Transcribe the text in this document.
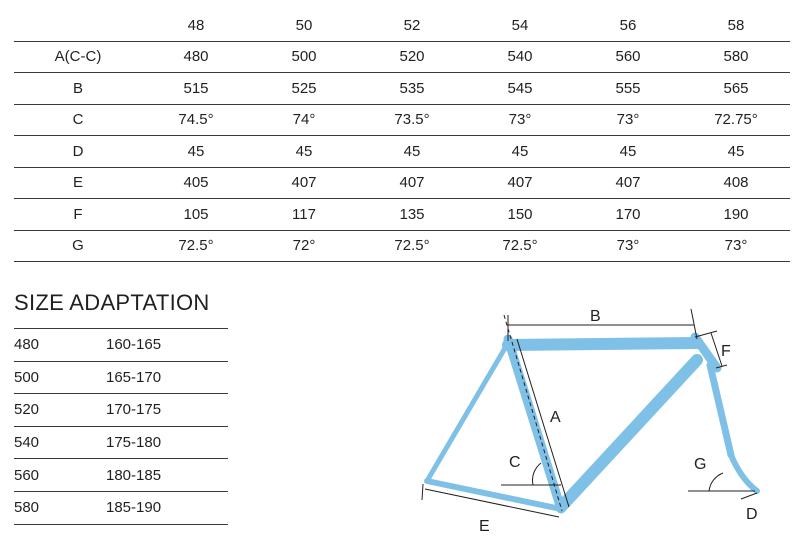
	48	50	52	54	56	58
A(C-C)	480	500	520	540	560	580
B	515	525	535	545	555	565
C	74.5°	74°	73.5°	73°	73°	72.75°
D	45	45	45	45	45	45
E	405	407	407	407	407	408
F	105	117	135	150	170	190
G	72.5°	72°	72.5°	72.5°	73°	73°
SIZE ADAPTATION
480	160-165
500	165-170
520	170-175
540	175-180
560	180-185
580	185-190
A
B
C
D
E
F
G
